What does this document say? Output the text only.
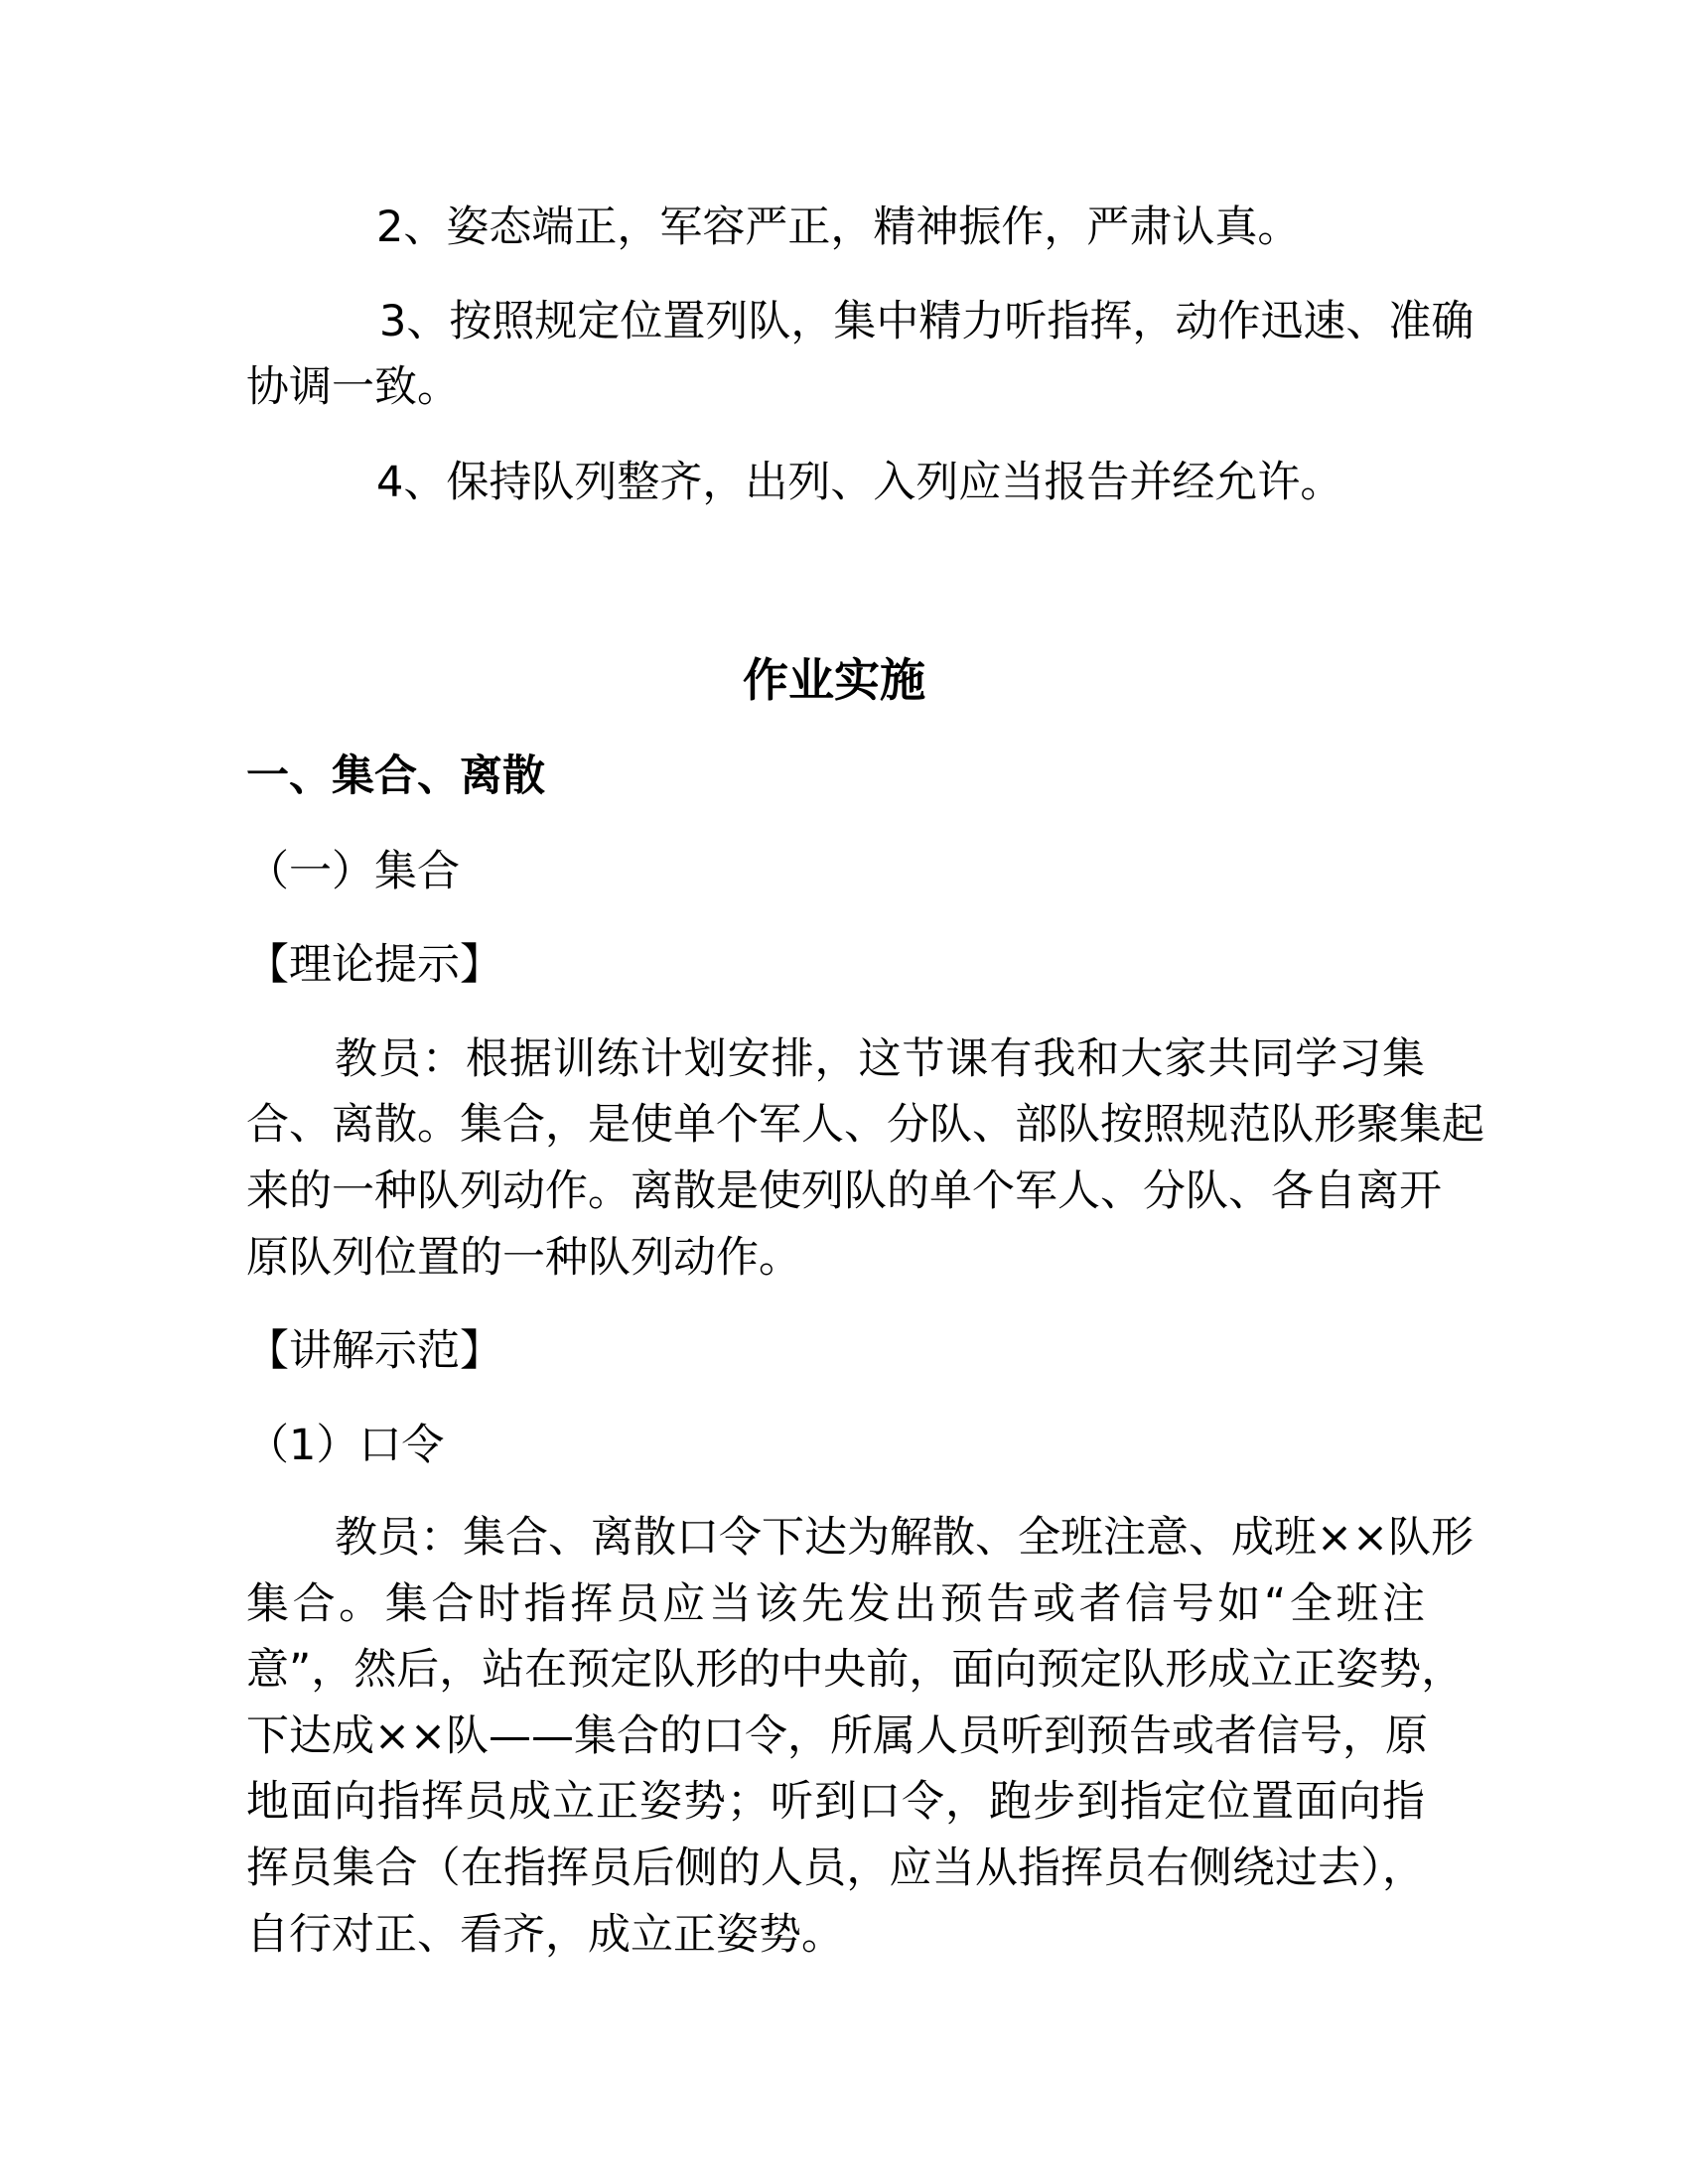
2、姿态端正，军容严正，精神振作，严肃认真。
3、按照规定位置列队，集中精力听指挥，动作迅速、准确
协调一致。
4、保持队列整齐，出列、入列应当报告并经允许。
作业实施
一、集合、离散
（一）集合
【理论提示】
教员：根据训练计划安排，这节课有我和大家共同学习集
合、离散。集合，是使单个军人、分队、部队按照规范队形聚集起
来的一种队列动作。离散是使列队的单个军人、分队、各自离开
原队列位置的一种队列动作。
【讲解示范】
（1）口令
教员：集合、离散口令下达为解散、全班注意、成班××队形
集合。集合时指挥员应当该先发出预告或者信号如“全班注
意”，然后，站在预定队形的中央前，面向预定队形成立正姿势，
下达成××队——集合的口令，所属人员听到预告或者信号，原
地面向指挥员成立正姿势；听到口令，跑步到指定位置面向指
挥员集合（在指挥员后侧的人员，应当从指挥员右侧绕过去），
自行对正、看齐，成立正姿势。
